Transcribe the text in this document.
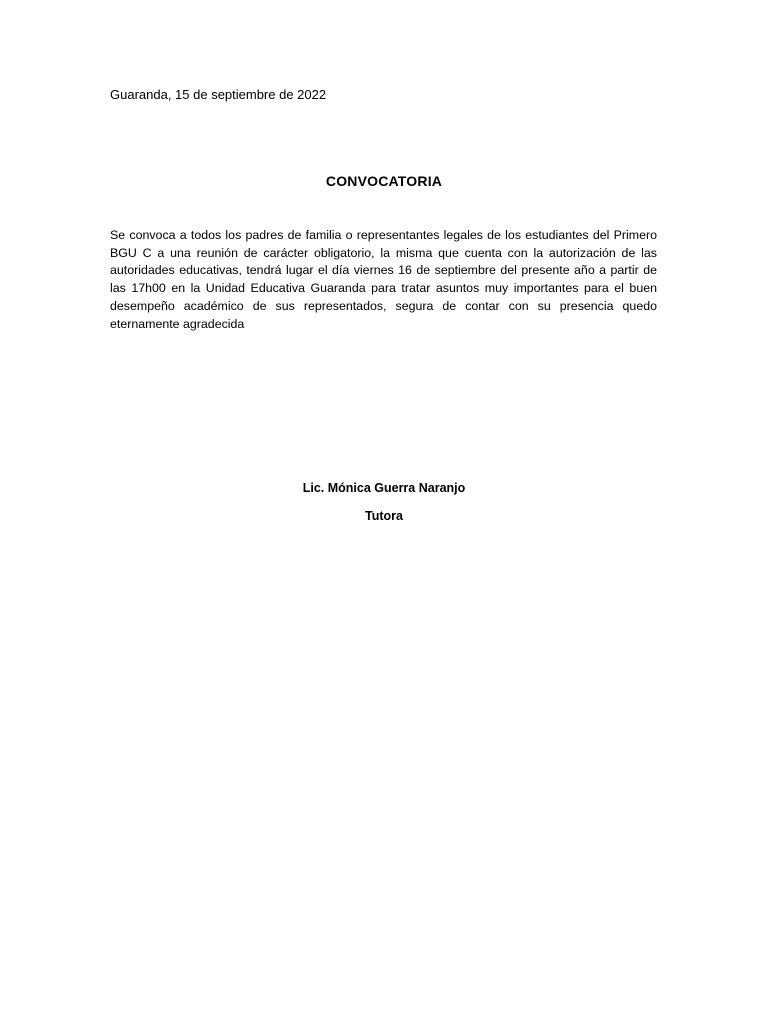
Guaranda, 15 de septiembre de 2022
CONVOCATORIA
Se convoca a todos los padres de familia o representantes legales de los estudiantes del Primero BGU C a una reunión de carácter obligatorio, la misma que cuenta con la autorización de las autoridades educativas, tendrá lugar el día viernes 16 de septiembre del presente año a partir de las 17h00 en la Unidad Educativa Guaranda para tratar asuntos muy importantes para el buen desempeño académico de sus representados, segura de contar con su presencia quedo eternamente agradecida
Lic. Mónica Guerra Naranjo
Tutora
